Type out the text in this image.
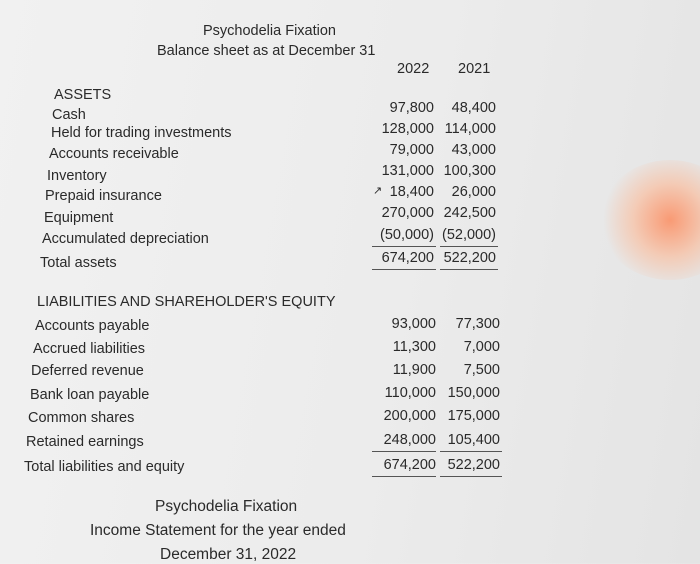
Psychodelia Fixation
Balance sheet as at December 31
2022 2021
ASSETS
Cash	97,800	48,400
Held for trading investments	128,000 114,000
Accounts receivable	79,000	43,000
Inventory	131,000 100,300
Prepaid insurance	↗ 18,400	26,000
Equipment	270,000 242,500
Accumulated depreciation	(50,000) (52,000)
Total assets	674,200 522,200
LIABILITIES AND SHAREHOLDER'S EQUITY
Accounts payable	93,000	77,300
Accrued liabilities	11,300	7,000
Deferred revenue	11,900	7,500
Bank loan payable	110,000 150,000
Common shares	200,000 175,000
Retained earnings	248,000 105,400
Total liabilities and equity	674,200 522,200
Psychodelia Fixation
Income Statement for the year ended
December 31, 2022
